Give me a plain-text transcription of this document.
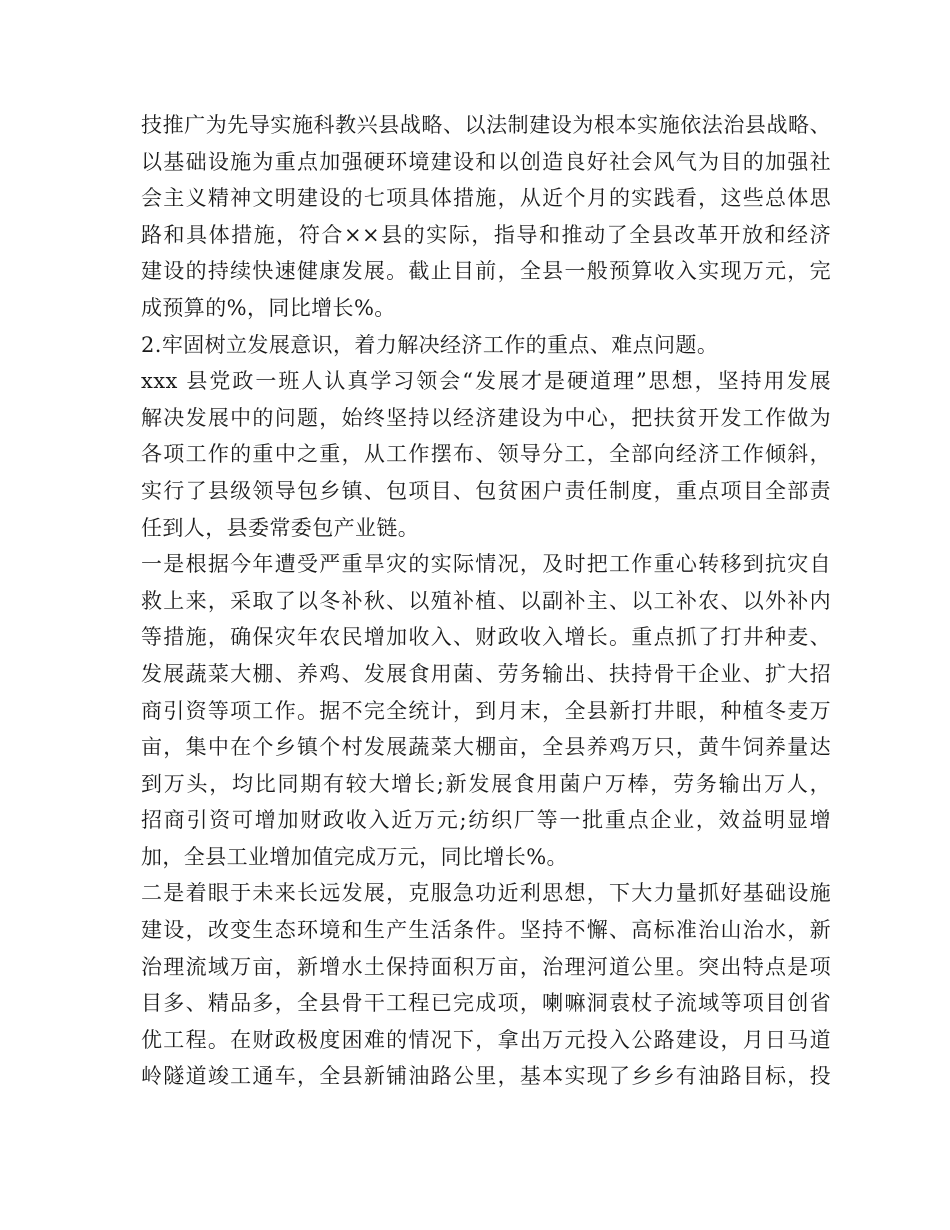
技推广为先导实施科教兴县战略、以法制建设为根本实施依法治县战略、
以基础设施为重点加强硬环境建设和以创造良好社会风气为目的加强社
会主义精神文明建设的七项具体措施，从近个月的实践看，这些总体思
路和具体措施，符合××县的实际，指导和推动了全县改革开放和经济
建设的持续快速健康发展。截止目前，全县一般预算收入实现万元，完
成预算的%，同比增长%。
2.牢固树立发展意识，着力解决经济工作的重点、难点问题。
xxx 县党政一班人认真学习领会“发展才是硬道理”思想，坚持用发展
解决发展中的问题，始终坚持以经济建设为中心，把扶贫开发工作做为
各项工作的重中之重，从工作摆布、领导分工，全部向经济工作倾斜，
实行了县级领导包乡镇、包项目、包贫困户责任制度，重点项目全部责
任到人，县委常委包产业链。
一是根据今年遭受严重旱灾的实际情况，及时把工作重心转移到抗灾自
救上来，采取了以冬补秋、以殖补植、以副补主、以工补农、以外补内
等措施，确保灾年农民增加收入、财政收入增长。重点抓了打井种麦、
发展蔬菜大棚、养鸡、发展食用菌、劳务输出、扶持骨干企业、扩大招
商引资等项工作。据不完全统计，到月末，全县新打井眼，种植冬麦万
亩，集中在个乡镇个村发展蔬菜大棚亩，全县养鸡万只，黄牛饲养量达
到万头，均比同期有较大增长;新发展食用菌户万棒，劳务输出万人，
招商引资可增加财政收入近万元;纺织厂等一批重点企业，效益明显增
加，全县工业增加值完成万元，同比增长%。
二是着眼于未来长远发展，克服急功近利思想，下大力量抓好基础设施
建设，改变生态环境和生产生活条件。坚持不懈、高标准治山治水，新
治理流域万亩，新增水土保持面积万亩，治理河道公里。突出特点是项
目多、精品多，全县骨干工程已完成项，喇嘛洞袁杖子流域等项目创省
优工程。在财政极度困难的情况下，拿出万元投入公路建设，月日马道
岭隧道竣工通车，全县新铺油路公里，基本实现了乡乡有油路目标，投
